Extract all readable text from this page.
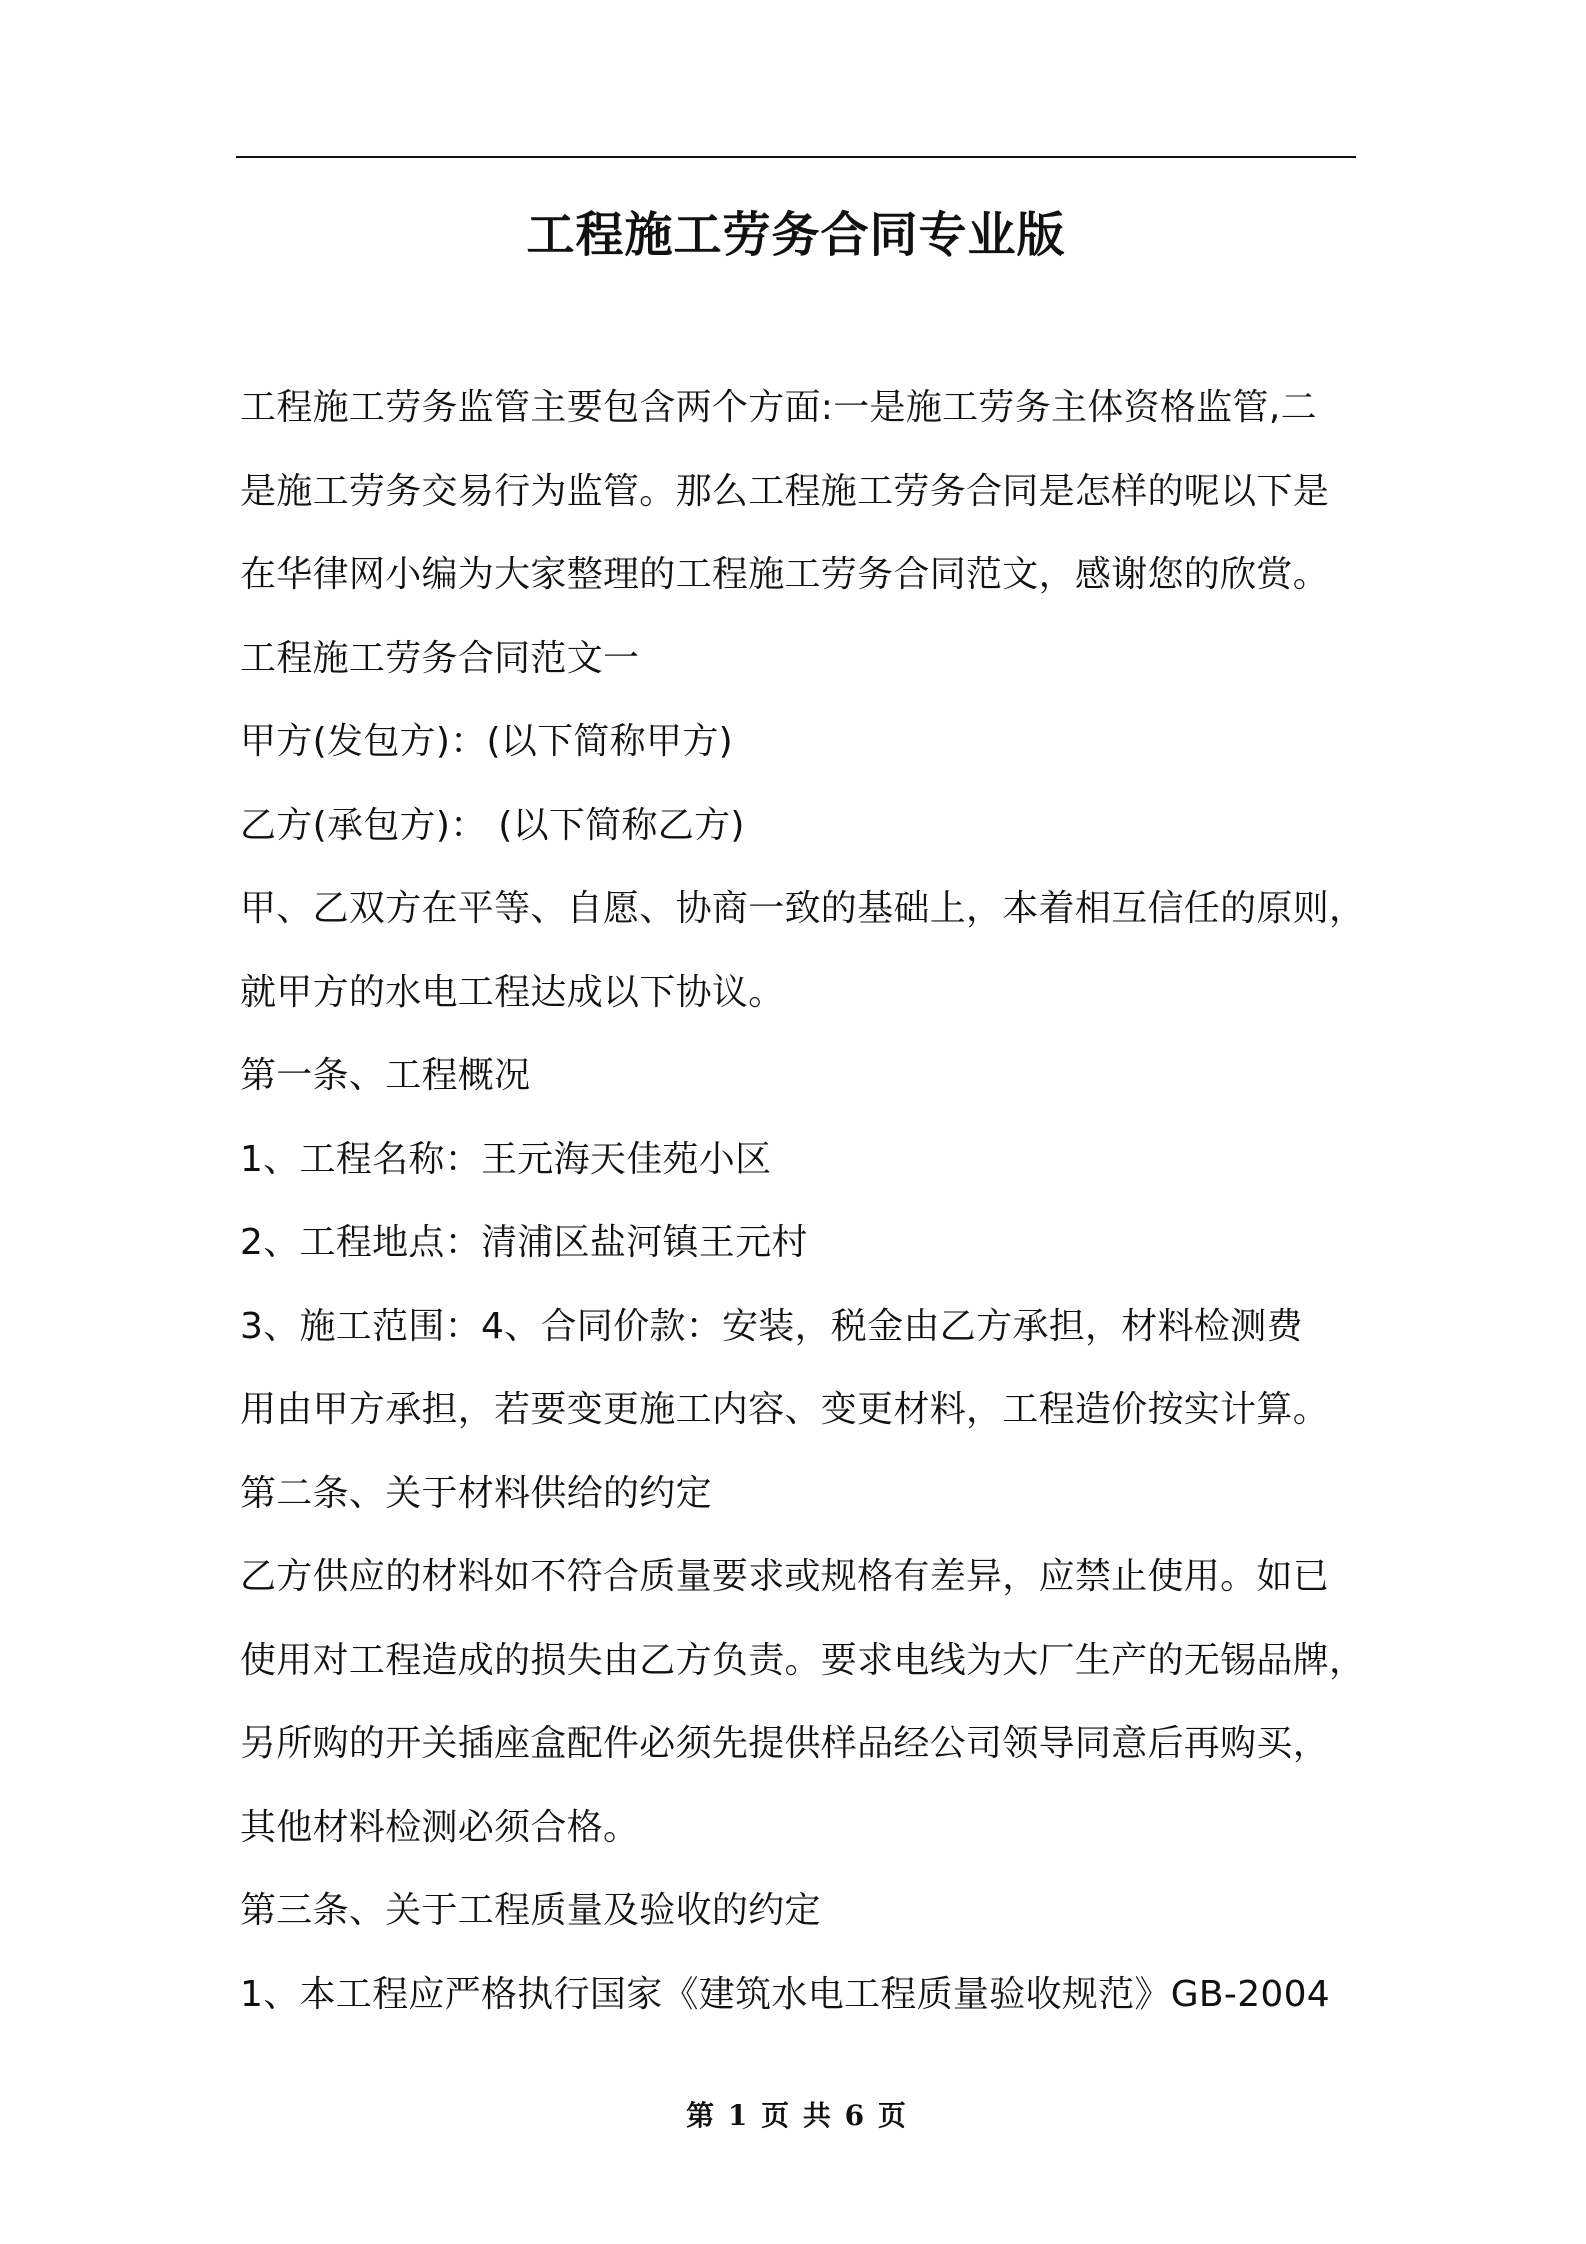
工程施工劳务合同专业版

工程施工劳务监管主要包含两个方面:一是施工劳务主体资格监管,二

是施工劳务交易行为监管。那么工程施工劳务合同是怎样的呢以下是

在华律网小编为大家整理的工程施工劳务合同范文，感谢您的欣赏。

工程施工劳务合同范文一

甲方(发包方)：(以下简称甲方)

乙方(承包方)： (以下简称乙方)

甲、乙双方在平等、自愿、协商一致的基础上，本着相互信任的原则，

就甲方的水电工程达成以下协议。

第一条、工程概况

1、工程名称：王元海天佳苑小区

2、工程地点：清浦区盐河镇王元村

3、施工范围：4、合同价款：安装，税金由乙方承担，材料检测费

用由甲方承担，若要变更施工内容、变更材料，工程造价按实计算。

第二条、关于材料供给的约定

乙方供应的材料如不符合质量要求或规格有差异，应禁止使用。如已

使用对工程造成的损失由乙方负责。要求电线为大厂生产的无锡品牌，

另所购的开关插座盒配件必须先提供样品经公司领导同意后再购买，

其他材料检测必须合格。

第三条、关于工程质量及验收的约定

1、本工程应严格执行国家《建筑水电工程质量验收规范》GB-2004

第 1 页 共 6 页
